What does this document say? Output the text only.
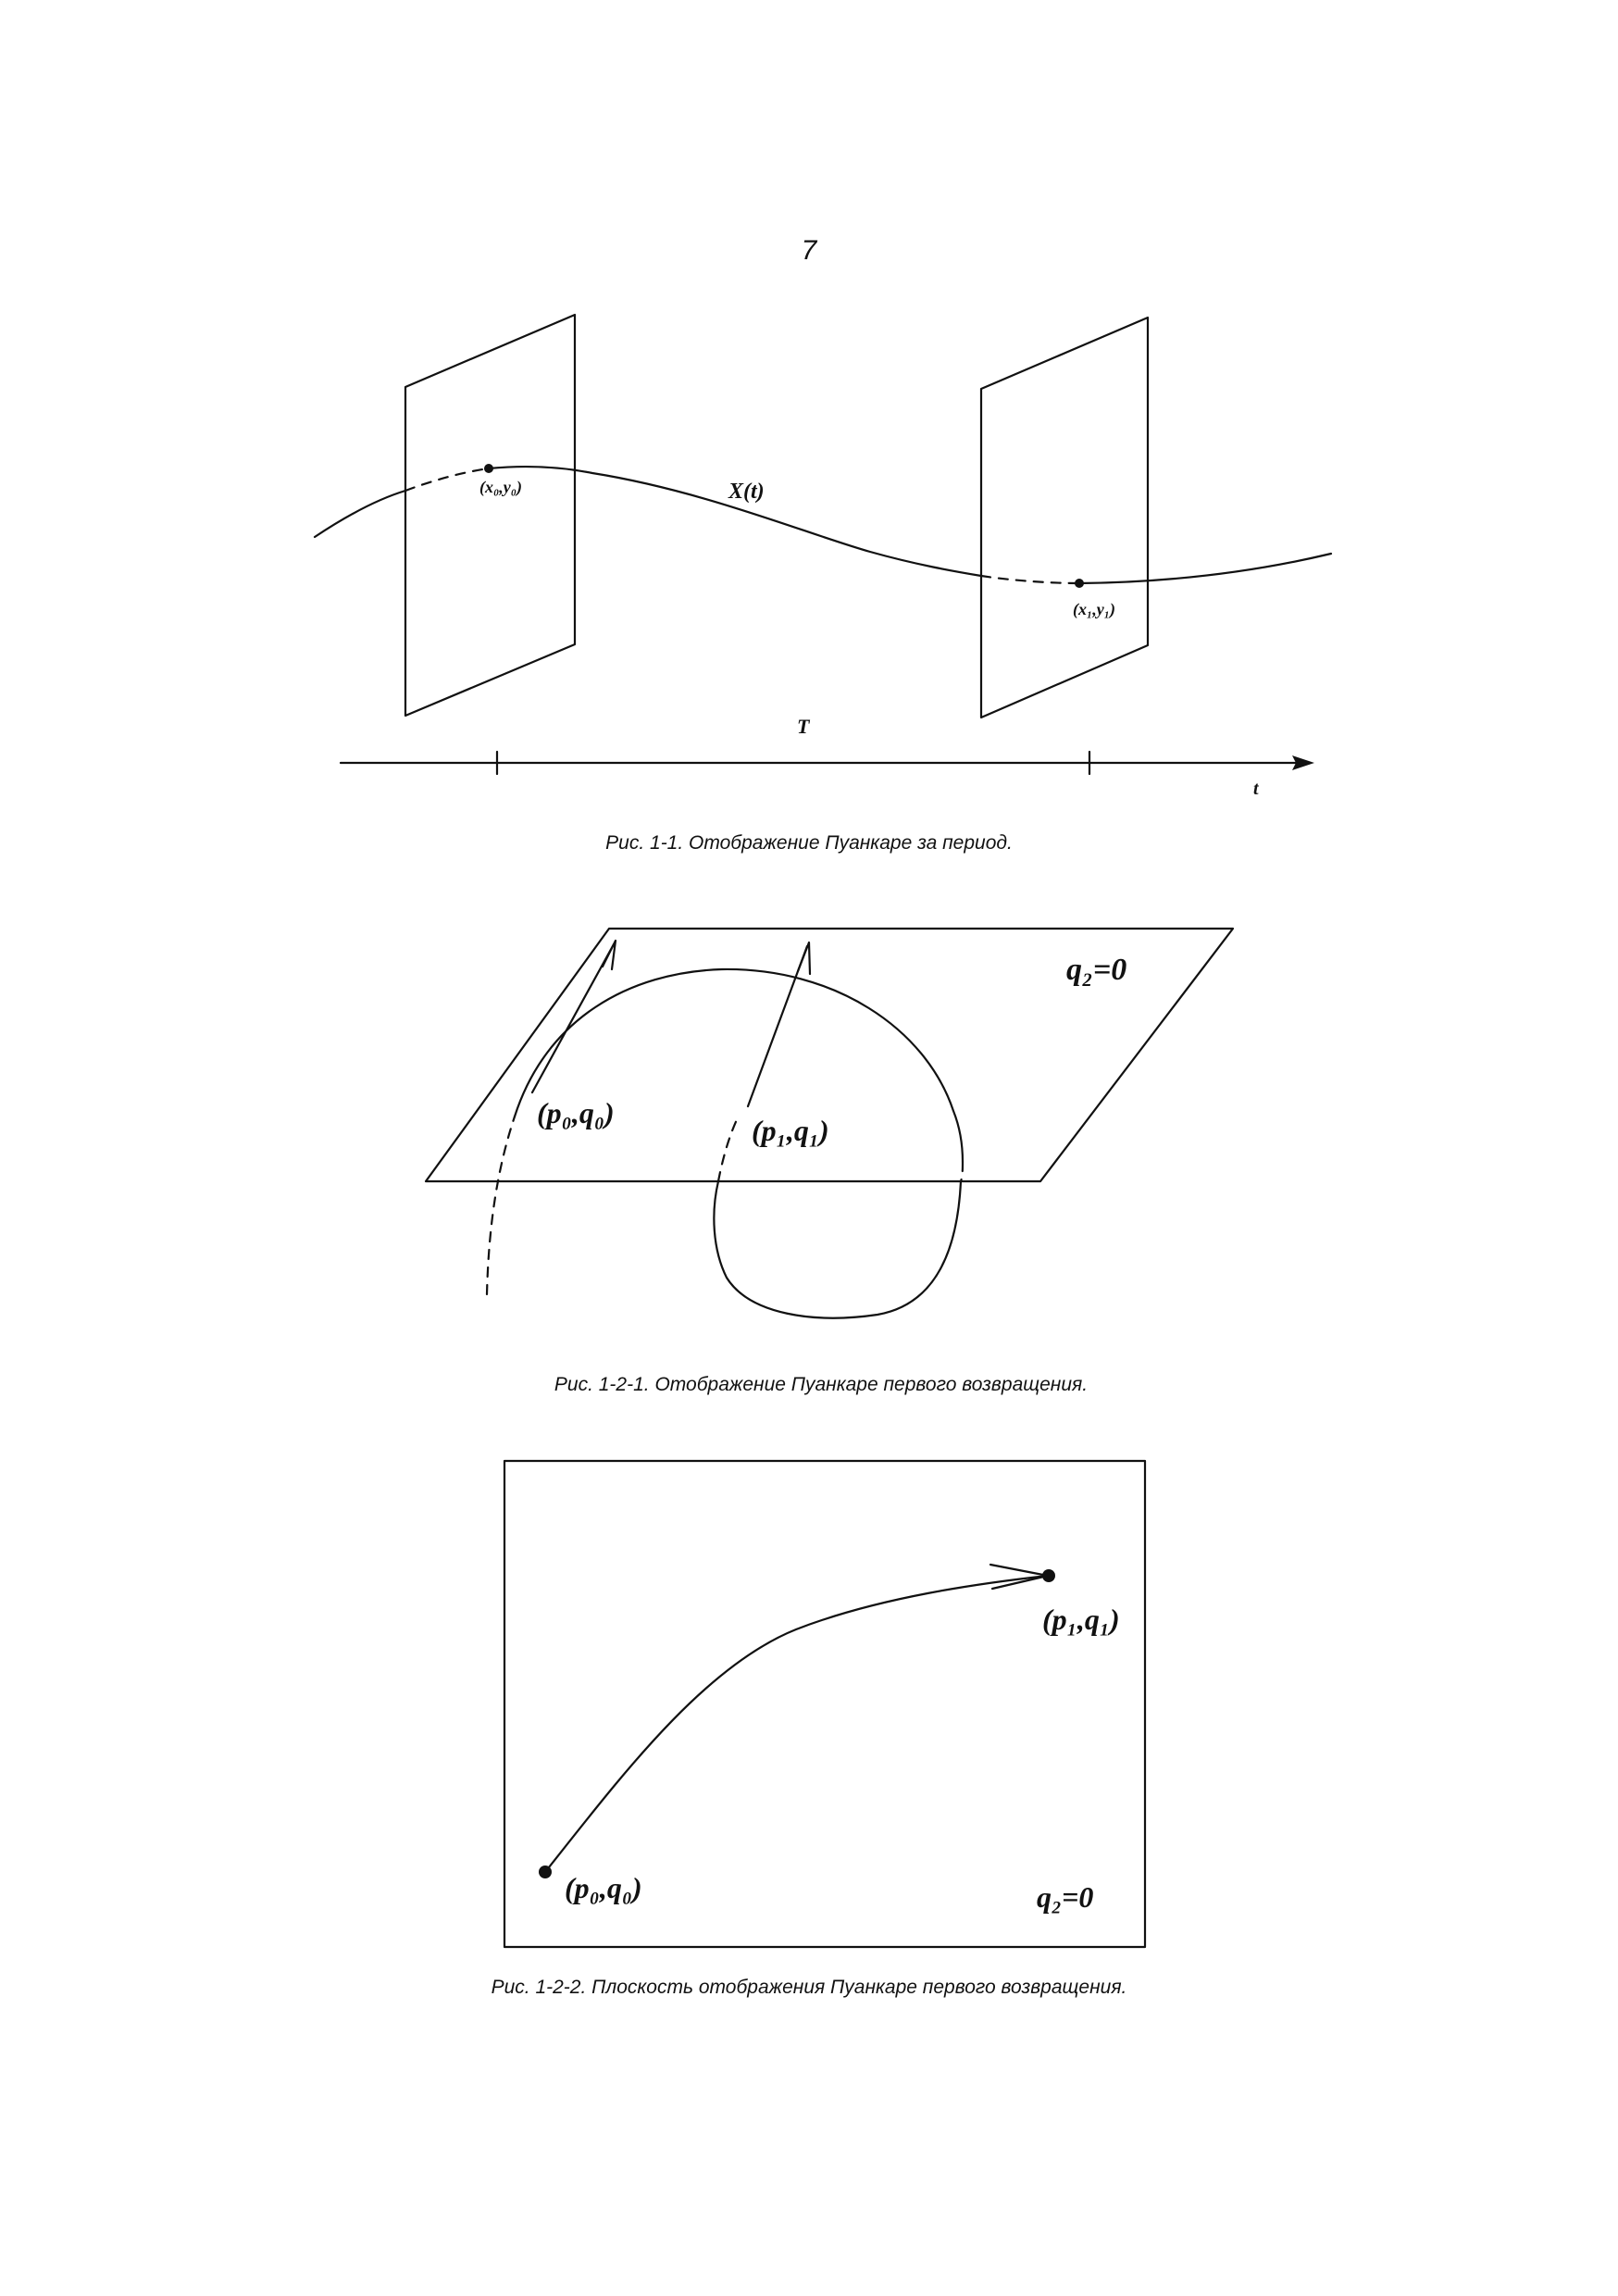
7
(x₀,y₀)	X(t)
(x₁,y₁)
T
t
Рис. 1-1. Отображение Пуанкаре за период.
q₂=0
(p₀,q₀)
(p₁,q₁)
Рис. 1-2-1. Отображение Пуанкаре первого возвращения.
(p₁,q₁)
(p₀,q₀)	q₂=0
Рис. 1-2-2. Плоскость отображения Пуанкаре первого возвращения.
